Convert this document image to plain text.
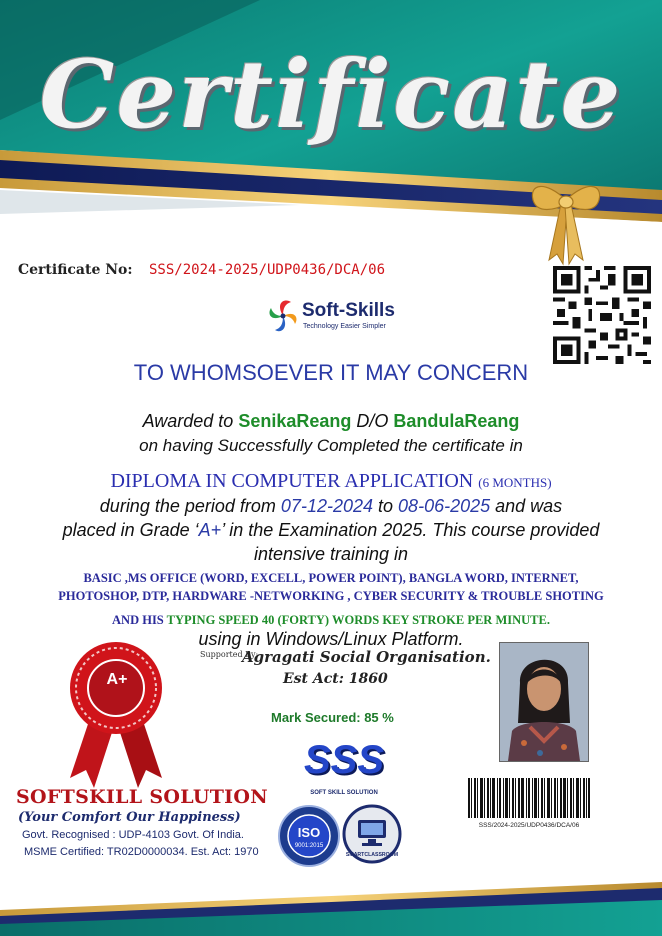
Certificate
Certificate No: SSS/2024-2025/UDP0436/DCA/06
Soft-Skills
Technology Easier Simpler
TO WHOMSOEVER IT MAY CONCERN
Awarded to SenikaReang D/O BandulaReang
on having Successfully Completed the certificate in
DIPLOMA IN COMPUTER APPLICATION (6 MONTHS)
during the period from 07-12-2024 to 08-06-2025 and was
placed in Grade ‘A+’ in the Examination 2025. This course provided
intensive training in
BASIC ,MS OFFICE (WORD, EXCELL, POWER POINT), BANGLA WORD, INTERNET,
PHOTOSHOP, DTP, HARDWARE -NETWORKING , CYBER SECURITY & TROUBLE SHOTING
AND HIS TYPING SPEED 40 (FORTY) WORDS KEY STROKE PER MINUTE.
using in Windows/Linux Platform.
Supported By:
Agragati Social Organisation.
Est Act: 1860
Mark Secured: 85 %
SSS/2024-2025/UDP0436/DCA/06
A+
SOFTSKILL SOLUTION
(Your Comfort Our Happiness)
Govt. Recognised : UDP-4103 Govt. Of India.
MSME Certified: TR02D0000034. Est. Act: 1970
SSS
SOFT SKILL SOLUTION
ISO
9001:2015
SMARTCLASSROOM
